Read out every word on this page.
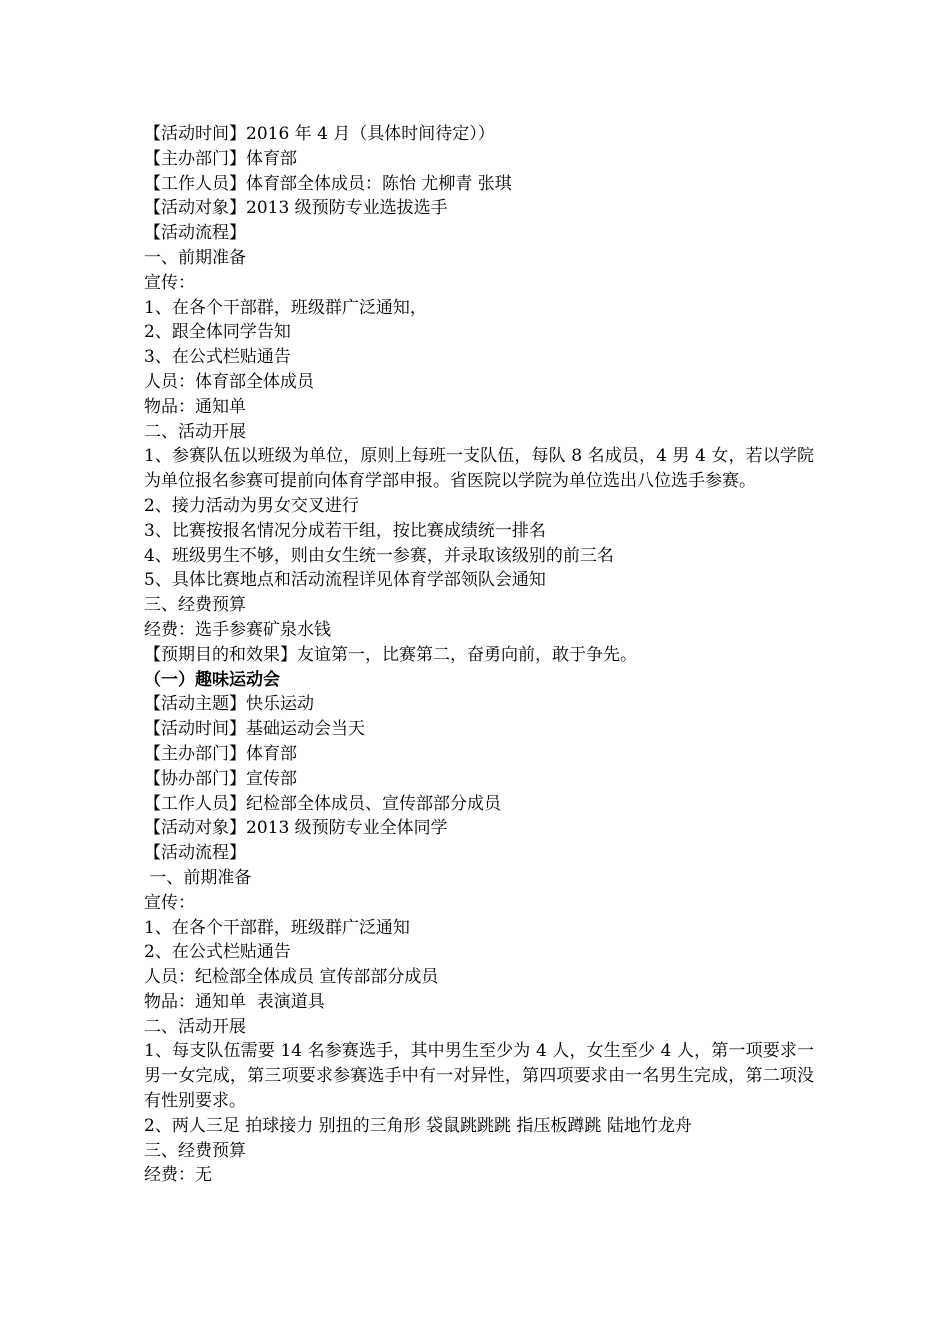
【活动时间】2016 年 4 月（具体时间待定））

【主办部门】体育部

【工作人员】体育部全体成员：陈怡 尤柳青 张琪

【活动对象】2013 级预防专业选拔选手

【活动流程】

一、前期准备

宣传：

1、在各个干部群，班级群广泛通知，

2、跟全体同学告知

3、在公式栏贴通告

人员：体育部全体成员

物品：通知单

二、活动开展

1、参赛队伍以班级为单位，原则上每班一支队伍，每队 8 名成员，4 男 4 女，若以学院为单位报名参赛可提前向体育学部申报。省医院以学院为单位选出八位选手参赛。

2、接力活动为男女交叉进行

3、比赛按报名情况分成若干组，按比赛成绩统一排名

4、班级男生不够，则由女生统一参赛，并录取该级别的前三名

5、具体比赛地点和活动流程详见体育学部领队会通知

三、经费预算

经费：选手参赛矿泉水钱

【预期目的和效果】友谊第一，比赛第二，奋勇向前，敢于争先。

（一）趣味运动会

【活动主题】快乐运动

【活动时间】基础运动会当天

【主办部门】体育部

【协办部门】宣传部

【工作人员】纪检部全体成员、宣传部部分成员

【活动对象】2013 级预防专业全体同学

【活动流程】

一、前期准备

宣传：

1、在各个干部群，班级群广泛通知

2、在公式栏贴通告

人员：纪检部全体成员 宣传部部分成员

物品：通知单  表演道具

二、活动开展

1、每支队伍需要 14 名参赛选手，其中男生至少为 4 人，女生至少 4 人，第一项要求一男一女完成，第三项要求参赛选手中有一对异性，第四项要求由一名男生完成，第二项没有性别要求。

2、两人三足 拍球接力 别扭的三角形 袋鼠跳跳跳 指压板蹲跳 陆地竹龙舟

三、经费预算

经费：无
